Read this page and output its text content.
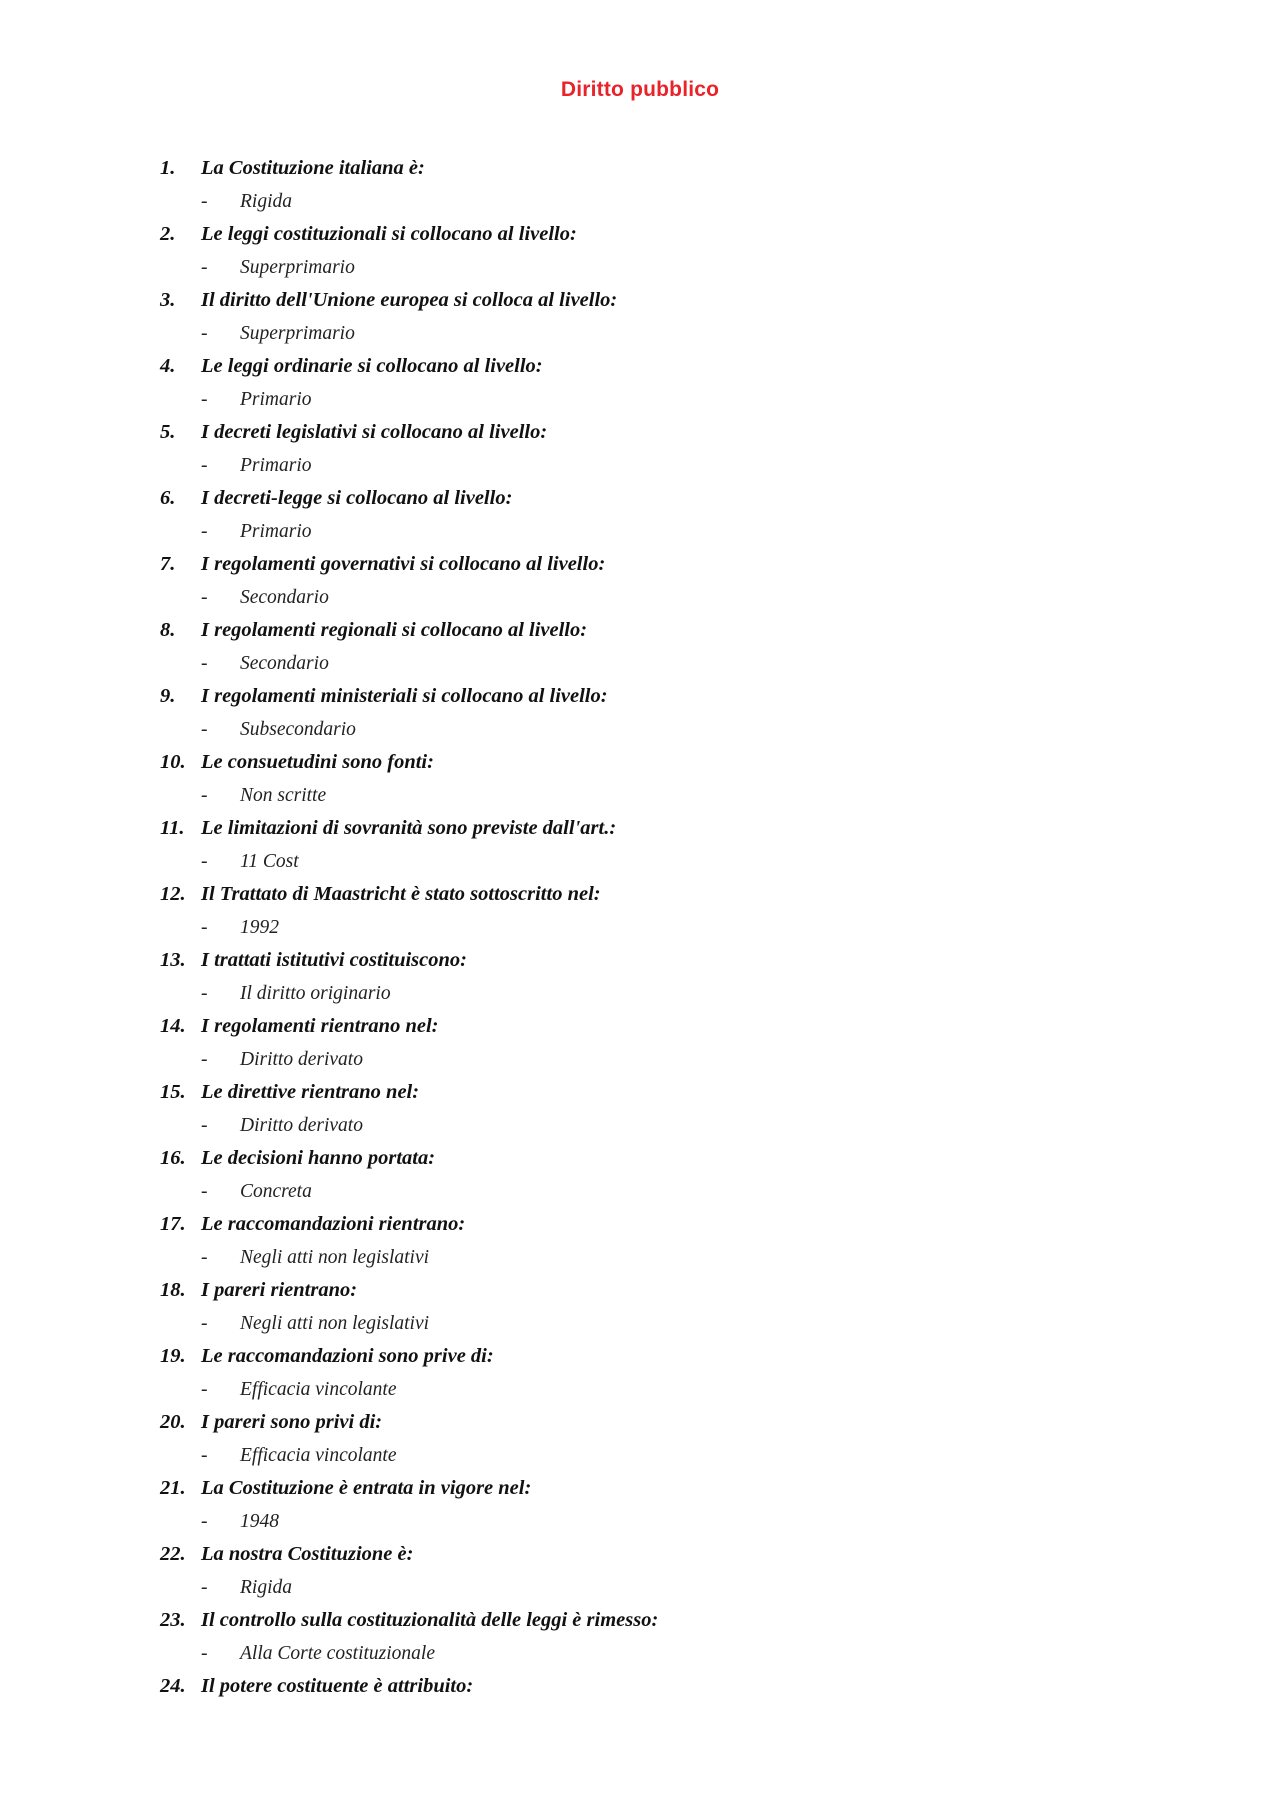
Diritto pubblico
1. La Costituzione italiana è:
- Rigida
2. Le leggi costituzionali si collocano al livello:
- Superprimario
3. Il diritto dell'Unione europea si colloca al livello:
- Superprimario
4. Le leggi ordinarie si collocano al livello:
- Primario
5. I decreti legislativi si collocano al livello:
- Primario
6. I decreti-legge si collocano al livello:
- Primario
7. I regolamenti governativi si collocano al livello:
- Secondario
8. I regolamenti regionali si collocano al livello:
- Secondario
9. I regolamenti ministeriali si collocano al livello:
- Subsecondario
10. Le consuetudini sono fonti:
- Non scritte
11. Le limitazioni di sovranità sono previste dall'art.:
- 11 Cost
12. Il Trattato di Maastricht è stato sottoscritto nel:
- 1992
13. I trattati istitutivi costituiscono:
- Il diritto originario
14. I regolamenti rientrano nel:
- Diritto derivato
15. Le direttive rientrano nel:
- Diritto derivato
16. Le decisioni hanno portata:
- Concreta
17. Le raccomandazioni rientrano:
- Negli atti non legislativi
18. I pareri rientrano:
- Negli atti non legislativi
19. Le raccomandazioni sono prive di:
- Efficacia vincolante
20. I pareri sono privi di:
- Efficacia vincolante
21. La Costituzione è entrata in vigore nel:
- 1948
22. La nostra Costituzione è:
- Rigida
23. Il controllo sulla costituzionalità delle leggi è rimesso:
- Alla Corte costituzionale
24. Il potere costituente è attribuito:
